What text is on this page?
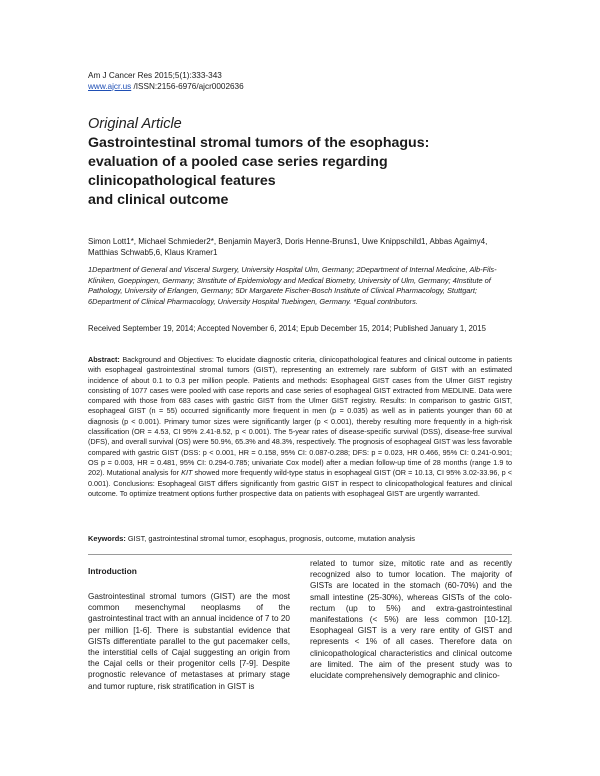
Am J Cancer Res 2015;5(1):333-343
www.ajcr.us /ISSN:2156-6976/ajcr0002636
Original Article
Gastrointestinal stromal tumors of the esophagus:
evaluation of a pooled case series regarding
clinicopathological features
and clinical outcome
Simon Lott1*, Michael Schmieder2*, Benjamin Mayer3, Doris Henne-Bruns1, Uwe Knippschild1, Abbas Agaimy4, Matthias Schwab5,6, Klaus Kramer1
1Department of General and Visceral Surgery, University Hospital Ulm, Germany; 2Department of Internal Medicine, Alb-Fils-Kliniken, Goeppingen, Germany; 3Institute of Epidemiology and Medical Biometry, University of Ulm, Germany; 4Institute of Pathology, University of Erlangen, Germany; 5Dr Margarete Fischer-Bosch Institute of Clinical Pharmacology, Stuttgart; 6Department of Clinical Pharmacology, University Hospital Tuebingen, Germany. *Equal contributors.
Received September 19, 2014; Accepted November 6, 2014; Epub December 15, 2014; Published January 1, 2015
Abstract: Background and Objectives: To elucidate diagnostic criteria, clinicopathological features and clinical outcome in patients with esophageal gastrointestinal stromal tumors (GIST), representing an extremely rare subform of GIST with an estimated incidence of about 0.1 to 0.3 per million people. Patients and methods: Esophageal GIST cases from the Ulmer GIST registry consisting of 1077 cases were pooled with case reports and case series of esophageal GIST extracted from MEDLINE. Data were compared with those from 683 cases with gastric GIST from the Ulmer GIST registry. Results: In comparison to gastric GIST, esophageal GIST (n = 55) occurred significantly more frequent in men (p = 0.035) as well as in patients younger than 60 at diagnosis (p < 0.001). Primary tumor sizes were significantly larger (p < 0.001), thereby resulting more frequently in a high-risk classification (OR = 4.53, CI 95% 2.41-8.52, p < 0.001). The 5-year rates of disease-specific survival (DSS), disease-free survival (DFS), and overall survival (OS) were 50.9%, 65.3% and 48.3%, respectively. The prognosis of esophageal GIST was less favorable compared with gastric GIST (DSS: p < 0.001, HR = 0.158, 95% CI: 0.087-0.288; DFS: p = 0.023, HR 0.466, 95% CI: 0.241-0.901; OS p = 0.003, HR = 0.481, 95% CI: 0.294-0.785; univariate Cox model) after a median follow-up time of 28 months (range 1.9 to 202). Mutational analysis for KIT showed more frequently wild-type status in esophageal GIST (OR = 10.13, CI 95% 3.02-33.96, p < 0.001). Conclusions: Esophageal GIST differs significantly from gastric GIST in respect to clinicopathological features and clinical outcome. To optimize treatment options further prospective data on patients with esophageal GIST are urgently warranted.
Keywords: GIST, gastrointestinal stromal tumor, esophagus, prognosis, outcome, mutation analysis
Introduction
Gastrointestinal stromal tumors (GIST) are the most common mesenchymal neoplasms of the gastrointestinal tract with an annual incidence of 7 to 20 per million [1-6]. There is substantial evidence that GISTs differentiate parallel to the gut pacemaker cells, the interstitial cells of Cajal suggesting an origin from the Cajal cells or their progenitor cells [7-9]. Despite prognostic relevance of metastases at primary stage and tumor rupture, risk stratification in GIST is
related to tumor size, mitotic rate and as recently recognized also to tumor location. The majority of GISTs are located in the stomach (60-70%) and the small intestine (25-30%), whereas GISTs of the colo-rectum (up to 5%) and extra-gastrointestinal manifestations (< 5%) are less common [10-12]. Esophageal GIST is a very rare entity of GIST and represents < 1% of all cases. Therefore data on clinicopathological characteristics and clinical outcome are limited. The aim of the present study was to elucidate comprehensively demographic and clinico-
